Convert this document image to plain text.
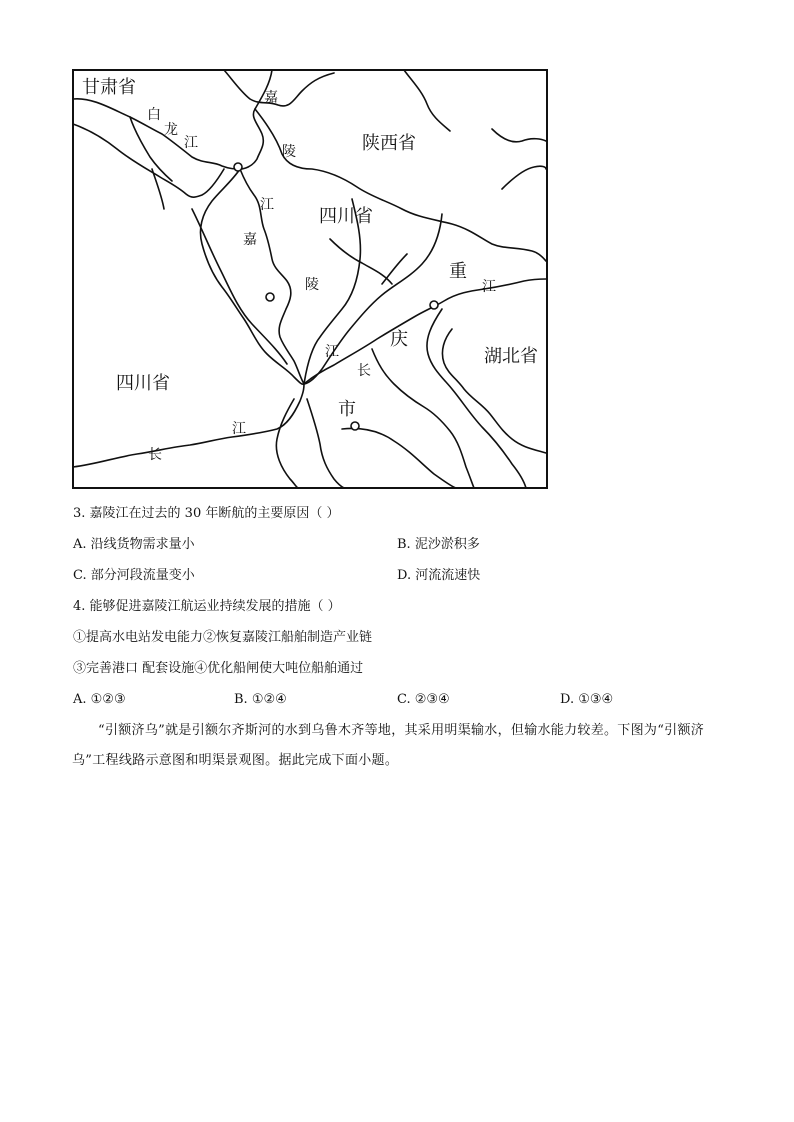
甘肃省
陕西省
四川省
四川省
湖北省
白
龙
江
嘉
陵
江
嘉
陵
江
重
庆
市
江
长
江
长
3. 嘉陵江在过去的 30 年断航的主要原因（ ）
A. 沿线货物需求量小	B. 泥沙淤积多
C. 部分河段流量变小	D. 河流流速快
4. 能够促进嘉陵江航运业持续发展的措施（ ）
①提高水电站发电能力②恢复嘉陵江船舶制造产业链
③完善港口 配套设施④优化船闸使大吨位船舶通过
A. ①②③	B. ①②④	C. ②③④	D. ①③④
“引额济乌”就是引额尔齐斯河的水到乌鲁木齐等地，其采用明渠输水，但输水能力较差。下图为“引额济乌”工程线路示意图和明渠景观图。据此完成下面小题。
